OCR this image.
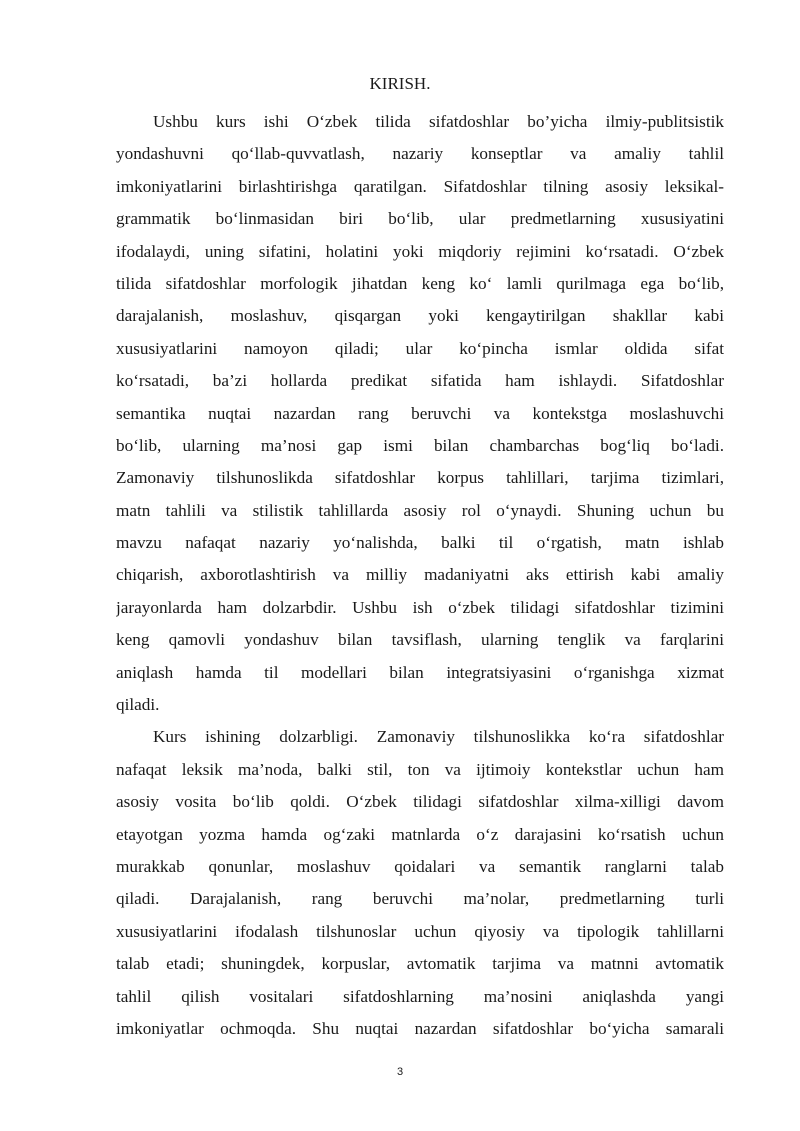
KIRISH.
Ushbu kurs ishi O‘zbek tilida sifatdoshlar bo’yicha ilmiy-publitsistik
yondashuvni qo‘llab-quvvatlash, nazariy konseptlar va amaliy tahlil
imkoniyatlarini birlashtirishga qaratilgan. Sifatdoshlar tilning asosiy leksikal-
grammatik bo‘linmasidan biri bo‘lib, ular predmetlarning xususiyatini
ifodalaydi, uning sifatini, holatini yoki miqdoriy rejimini ko‘rsatadi. O‘zbek
tilida sifatdoshlar morfologik jihatdan keng ko‘ lamli qurilmaga ega bo‘lib,
darajalanish, moslashuv, qisqargan yoki kengaytirilgan shakllar kabi
xususiyatlarini namoyon qiladi; ular ko‘pincha ismlar oldida sifat
ko‘rsatadi, ba’zi hollarda predikat sifatida ham ishlaydi. Sifatdoshlar
semantika nuqtai nazardan rang beruvchi va kontekstga moslashuvchi
bo‘lib, ularning ma’nosi gap ismi bilan chambarchas bog‘liq bo‘ladi.
Zamonaviy tilshunoslikda sifatdoshlar korpus tahlillari, tarjima tizimlari,
matn tahlili va stilistik tahlillarda asosiy rol o‘ynaydi. Shuning uchun bu
mavzu nafaqat nazariy yo‘nalishda, balki til o‘rgatish, matn ishlab
chiqarish, axborotlashtirish va milliy madaniyatni aks ettirish kabi amaliy
jarayonlarda ham dolzarbdir. Ushbu ish o‘zbek tilidagi sifatdoshlar tizimini
keng qamovli yondashuv bilan tavsiflash, ularning tenglik va farqlarini
aniqlash hamda til modellari bilan integratsiyasini o‘rganishga xizmat
qiladi.
Kurs ishining dolzarbligi. Zamonaviy tilshunoslikka ko‘ra sifatdoshlar
nafaqat leksik ma’noda, balki stil, ton va ijtimoiy kontekstlar uchun ham
asosiy vosita bo‘lib qoldi. O‘zbek tilidagi sifatdoshlar xilma-xilligi davom
etayotgan yozma hamda og‘zaki matnlarda o‘z darajasini ko‘rsatish uchun
murakkab qonunlar, moslashuv qoidalari va semantik ranglarni talab
qiladi. Darajalanish, rang beruvchi ma’nolar, predmetlarning turli
xususiyatlarini ifodalash tilshunoslar uchun qiyosiy va tipologik tahlillarni
talab etadi; shuningdek, korpuslar, avtomatik tarjima va matnni avtomatik
tahlil qilish vositalari sifatdoshlarning ma’nosini aniqlashda yangi
imkoniyatlar ochmoqda. Shu nuqtai nazardan sifatdoshlar bo‘yicha samarali
3
